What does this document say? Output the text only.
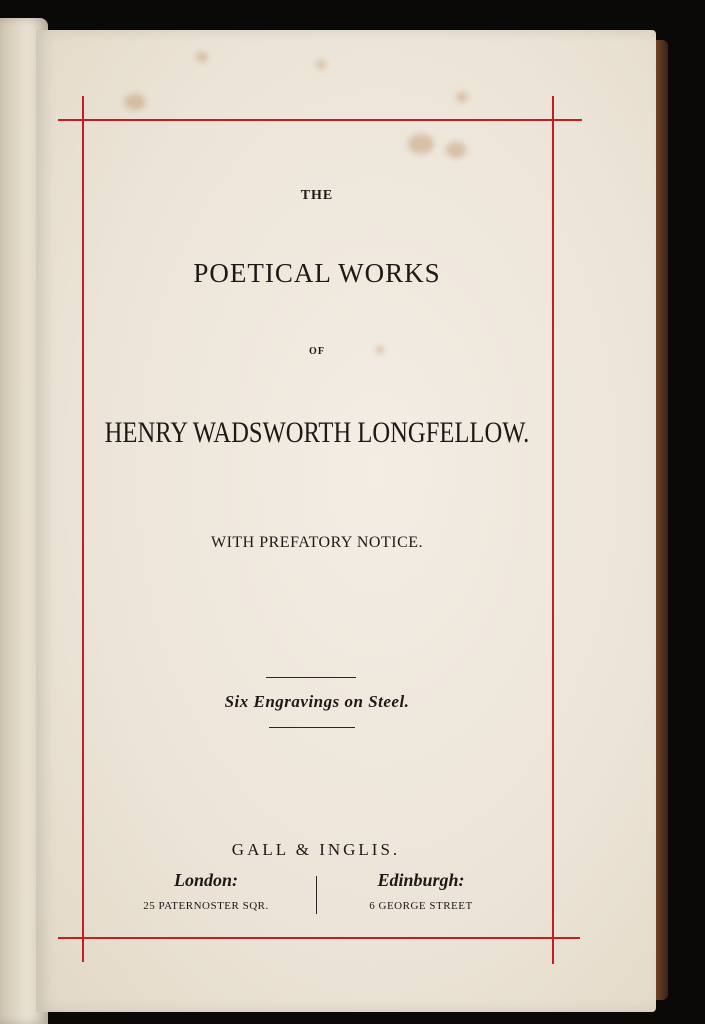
THE
POETICAL WORKS
OF
HENRY WADSWORTH LONGFELLOW.
WITH PREFATORY NOTICE.
Six Engravings on Steel.
GALL & INGLIS.
London:
25 PATERNOSTER SQR.
Edinburgh:
6 GEORGE STREET
